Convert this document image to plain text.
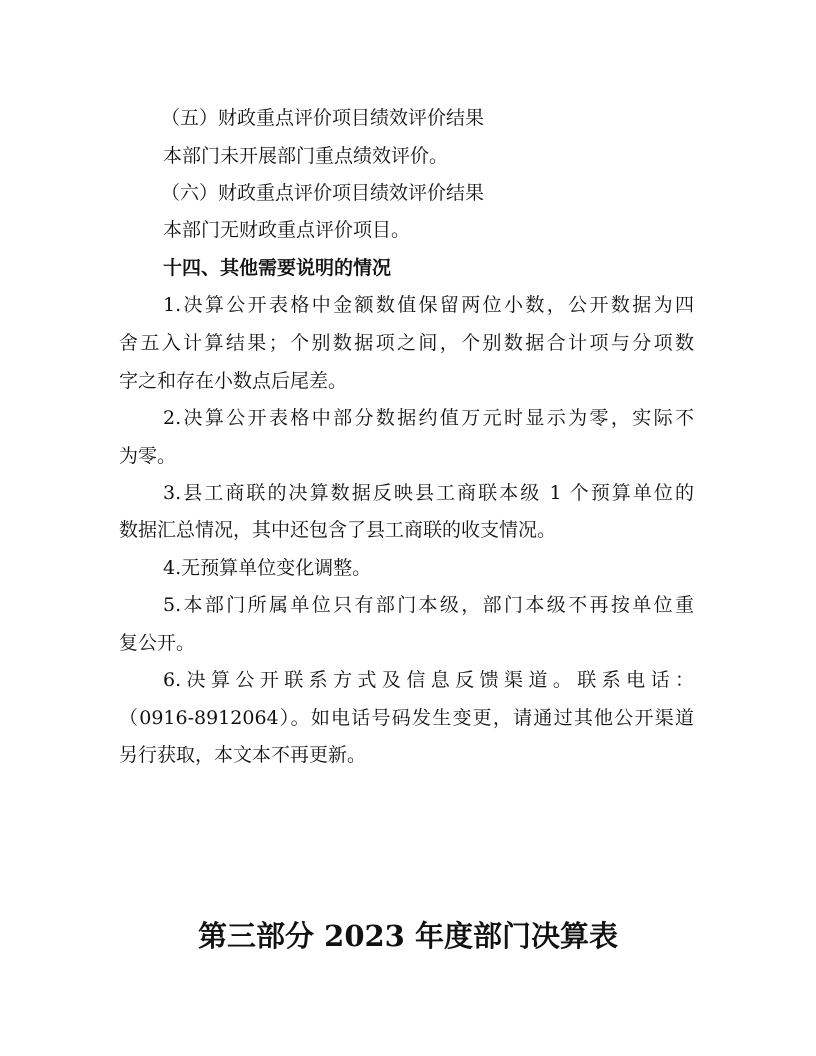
（五）财政重点评价项目绩效评价结果
本部门未开展部门重点绩效评价。
（六）财政重点评价项目绩效评价结果
本部门无财政重点评价项目。
十四、其他需要说明的情况
1.决算公开表格中金额数值保留两位小数，公开数据为四
舍五入计算结果；个别数据项之间，个别数据合计项与分项数
字之和存在小数点后尾差。
2.决算公开表格中部分数据约值万元时显示为零，实际不
为零。
3.县工商联的决算数据反映县工商联本级 1 个预算单位的
数据汇总情况，其中还包含了县工商联的收支情况。
4.无预算单位变化调整。
5.本部门所属单位只有部门本级，部门本级不再按单位重
复公开。
6.决算公开联系方式及信息反馈渠道。联系电话：
（0916-8912064）。如电话号码发生变更，请通过其他公开渠道
另行获取，本文本不再更新。
第三部分 2023 年度部门决算表
